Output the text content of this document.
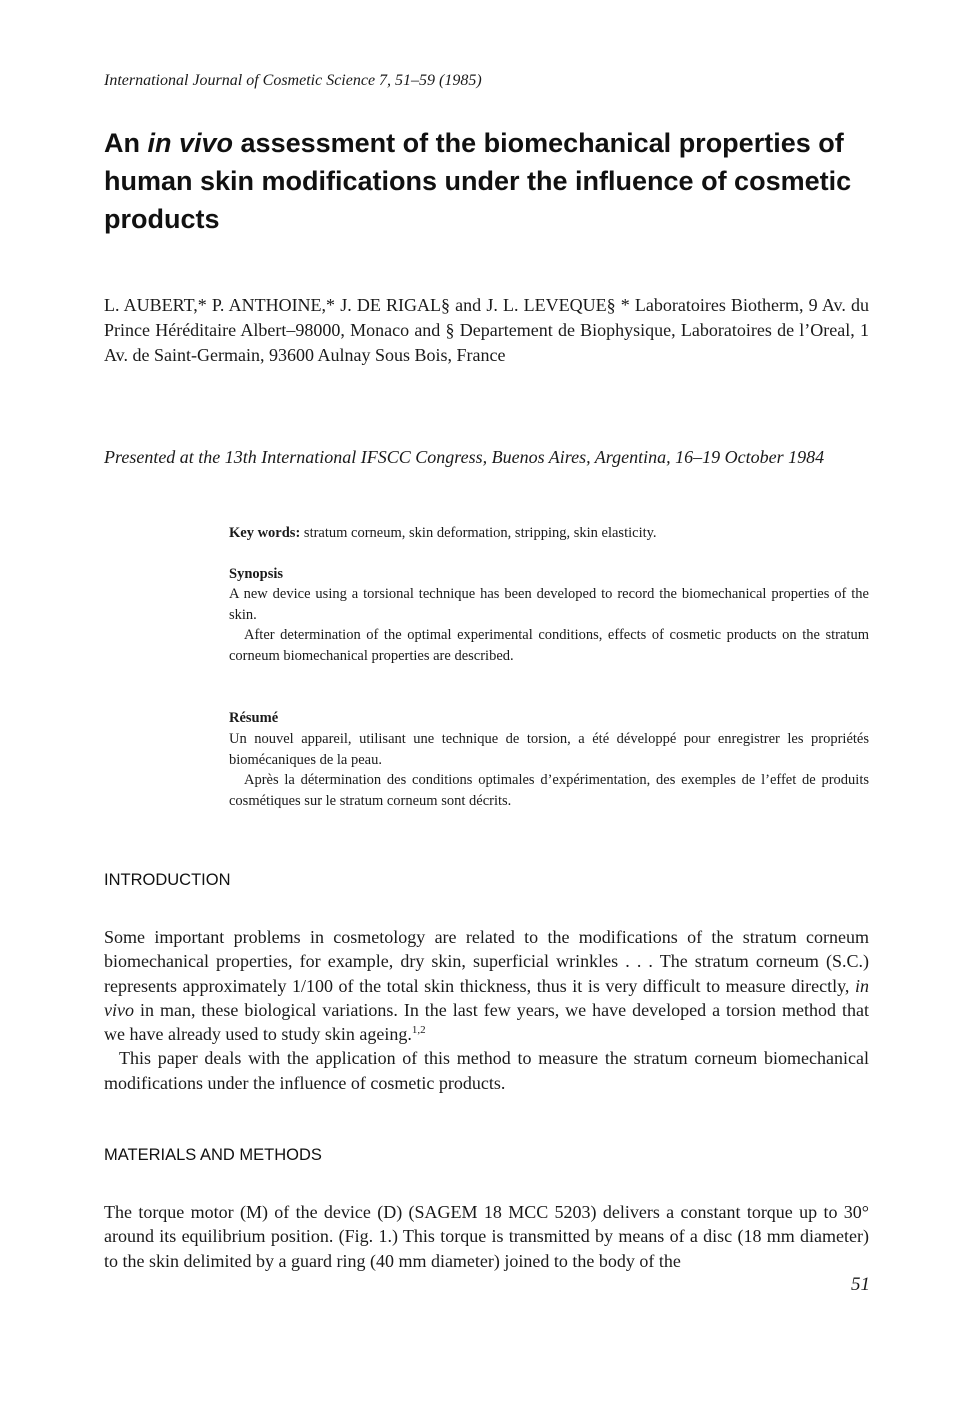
International Journal of Cosmetic Science 7, 51–59 (1985)
An in vivo assessment of the biomechanical properties of human skin modifications under the influence of cosmetic products
L. AUBERT,* P. ANTHOINE,* J. DE RIGAL§ and J. L. LEVEQUE§ * Laboratoires Biotherm, 9 Av. du Prince Héréditaire Albert–98000, Monaco and § Departement de Biophysique, Laboratoires de l’Oreal, 1 Av. de Saint-Germain, 93600 Aulnay Sous Bois, France
Presented at the 13th International IFSCC Congress, Buenos Aires, Argentina, 16–19 October 1984
Key words: stratum corneum, skin deformation, stripping, skin elasticity.
Synopsis

A new device using a torsional technique has been developed to record the biomechanical properties of the skin.

After determination of the optimal experimental conditions, effects of cosmetic products on the stratum corneum biomechanical properties are described.

Résumé

Un nouvel appareil, utilisant une technique de torsion, a été développé pour enregistrer les propriétés biomécaniques de la peau.

Après la détermination des conditions optimales d’expérimentation, des exemples de l’effet de produits cosmétiques sur le stratum corneum sont décrits.

INTRODUCTION

Some important problems in cosmetology are related to the modifications of the stratum corneum biomechanical properties, for example, dry skin, superficial wrinkles . . . The stratum corneum (S.C.) represents approximately 1/100 of the total skin thickness, thus it is very difficult to measure directly, in vivo in man, these biological variations. In the last few years, we have developed a torsion method that we have already used to study skin ageing.$^{1,2}$

This paper deals with the application of this method to measure the stratum corneum biomechanical modifications under the influence of cosmetic products.

MATERIALS AND METHODS

The torque motor (M) of the device (D) (SAGEM 18 MCC 5203) delivers a constant torque up to 30° around its equilibrium position. (Fig. 1.) This torque is transmitted by means of a disc (18 mm diameter) to the skin delimited by a guard ring (40 mm diameter) joined to the body of the

51
